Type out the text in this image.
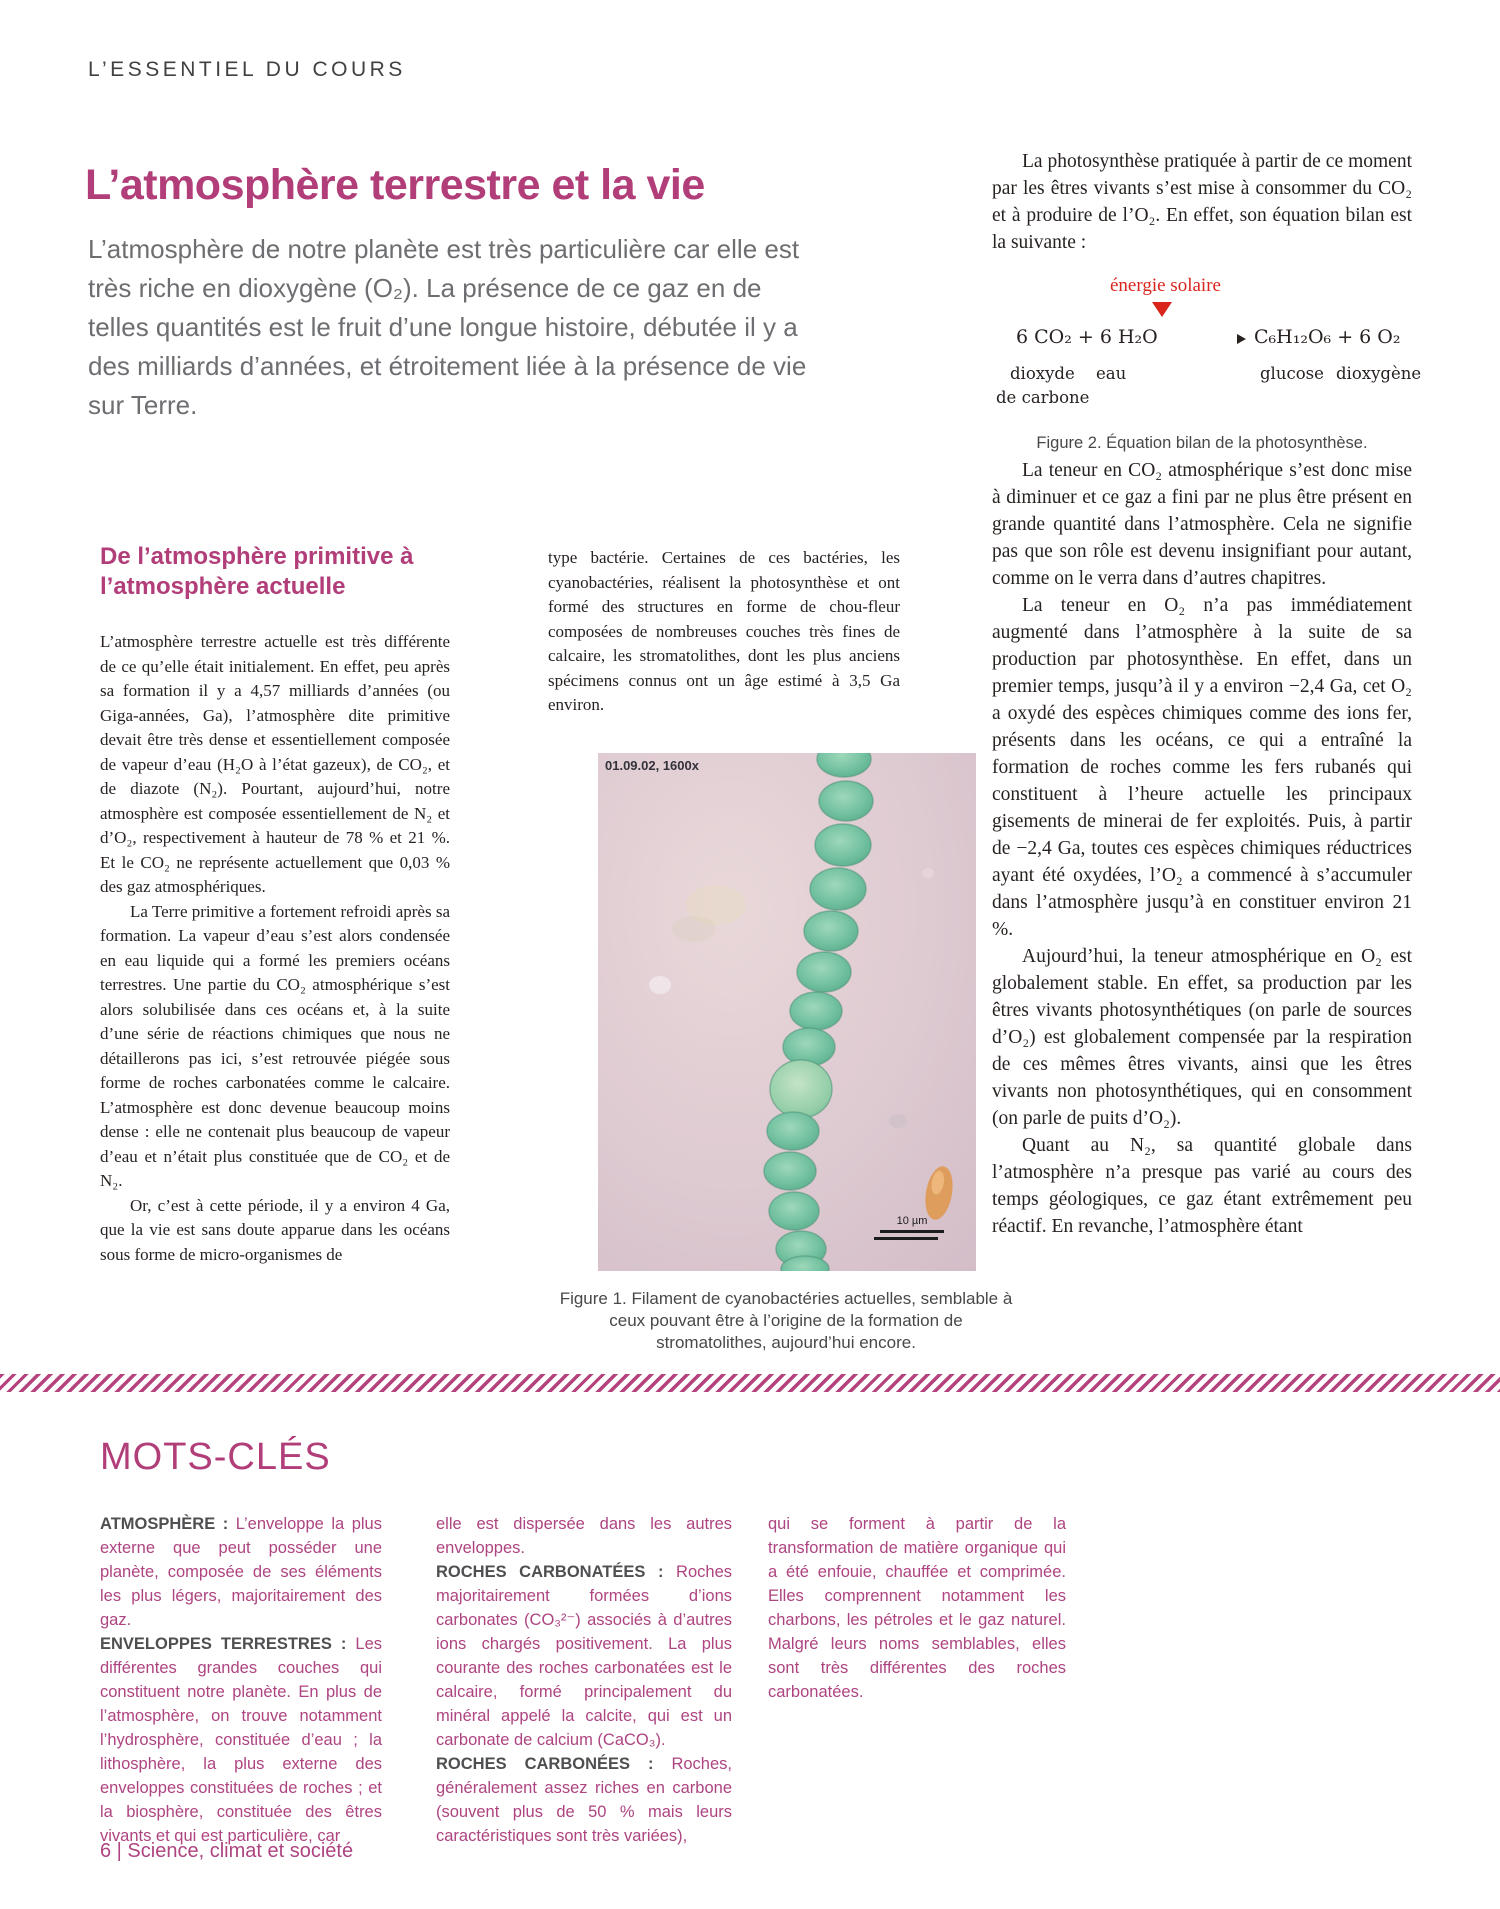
L’ESSENTIEL DU COURS
L’atmosphère terrestre et la vie
L’atmosphère de notre planète est très particulière car elle est très riche en dioxygène (O₂). La présence de ce gaz en de telles quantités est le fruit d’une longue histoire, débutée il y a des milliards d’années, et étroitement liée à la présence de vie sur Terre.
De l’atmosphère primitive à l’atmosphère actuelle

L’atmosphère terrestre actuelle est très différente de ce qu’elle était initialement. En effet, peu après sa formation il y a 4,57 milliards d’années (ou Giga-années, Ga), l’atmosphère dite primitive devait être très dense et essentiellement composée de vapeur d’eau (H₂O à l’état gazeux), de CO₂, et de diazote (N₂). Pourtant, aujourd’hui, notre atmosphère est composée essentiellement de N₂ et d’O₂, respectivement à hauteur de 78 % et 21 %. Et le CO₂ ne représente actuellement que 0,03 % des gaz atmosphériques.

La Terre primitive a fortement refroidi après sa formation. La vapeur d’eau s’est alors condensée en eau liquide qui a formé les premiers océans terrestres. Une partie du CO₂ atmosphérique s’est alors solubilisée dans ces océans et, à la suite d’une série de réactions chimiques que nous ne détaillerons pas ici, s’est retrouvée piégée sous forme de roches carbonatées comme le calcaire. L’atmosphère est donc devenue beaucoup moins dense : elle ne contenait plus beaucoup de vapeur d’eau et n’était plus constituée que de CO₂ et de N₂.

Or, c’est à cette période, il y a environ 4 Ga, que la vie est sans doute apparue dans les océans sous forme de micro-organismes de

type bactérie. Certaines de ces bactéries, les cyanobactéries, réalisent la photosynthèse et ont formé des structures en forme de chou-fleur composées de nombreuses couches très fines de calcaire, les stromatolithes, dont les plus anciens spécimens connus ont un âge estimé à 3,5 Ga environ.

01.09.02, 1600x
10 µm
Figure 1. Filament de cyanobactéries actuelles, semblable à ceux pouvant être à l’origine de la formation de stromatolithes, aujourd’hui encore.

La photosynthèse pratiquée à partir de ce moment par les êtres vivants s’est mise à consommer du CO₂ et à produire de l’O₂. En effet, son équation bilan est la suivante :

énergie solaire
6 CO₂ + 6 H₂O	C₆H₁₂O₆ + 6 O₂
dioxyde eau	glucose dioxygène
de carbone

Figure 2. Équation bilan de la photosynthèse.

La teneur en CO₂ atmosphérique s’est donc mise à diminuer et ce gaz a fini par ne plus être présent en grande quantité dans l’atmosphère. Cela ne signifie pas que son rôle est devenu insignifiant pour autant, comme on le verra dans d’autres chapitres.

La teneur en O₂ n’a pas immédiatement augmenté dans l’atmosphère à la suite de sa production par photosynthèse. En effet, dans un premier temps, jusqu’à il y a environ −2,4 Ga, cet O₂ a oxydé des espèces chimiques comme des ions fer, présents dans les océans, ce qui a entraîné la formation de roches comme les fers rubanés qui constituent à l’heure actuelle les principaux gisements de minerai de fer exploités. Puis, à partir de −2,4 Ga, toutes ces espèces chimiques réductrices ayant été oxydées, l’O₂ a commencé à s’accumuler dans l’atmosphère jusqu’à en constituer environ 21 %.

Aujourd’hui, la teneur atmosphérique en O₂ est globalement stable. En effet, sa production par les êtres vivants photosynthétiques (on parle de sources d’O₂) est globalement compensée par la respiration de ces mêmes êtres vivants, ainsi que les êtres vivants non photosynthétiques, qui en consomment (on parle de puits d’O₂).

Quant au N₂, sa quantité globale dans l’atmosphère n’a presque pas varié au cours des temps géologiques, ce gaz étant extrêmement peu réactif. En revanche, l’atmosphère étant

MOTS-CLÉS

ATMOSPHÈRE : L’enveloppe la plus externe que peut posséder une planète, composée de ses éléments les plus légers, majoritairement des gaz.

ENVELOPPES TERRESTRES : Les différentes grandes couches qui constituent notre planète. En plus de l’atmosphère, on trouve notamment l’hydrosphère, constituée d’eau ; la lithosphère, la plus externe des enveloppes constituées de roches ; et la biosphère, constituée des êtres vivants et qui est particulière, car

elle est dispersée dans les autres enveloppes.

ROCHES CARBONATÉES : Roches majoritairement formées d’ions carbonates (CO₃²⁻) associés à d’autres ions chargés positivement. La plus courante des roches carbonatées est le calcaire, formé principalement du minéral appelé la calcite, qui est un carbonate de calcium (CaCO₃).

ROCHES CARBONÉES : Roches, généralement assez riches en carbone (souvent plus de 50 % mais leurs caractéristiques sont très variées),

qui se forment à partir de la transformation de matière organique qui a été enfouie, chauffée et comprimée. Elles comprennent notamment les charbons, les pétroles et le gaz naturel. Malgré leurs noms semblables, elles sont très différentes des roches carbonatées.

6 | Science, climat et société
